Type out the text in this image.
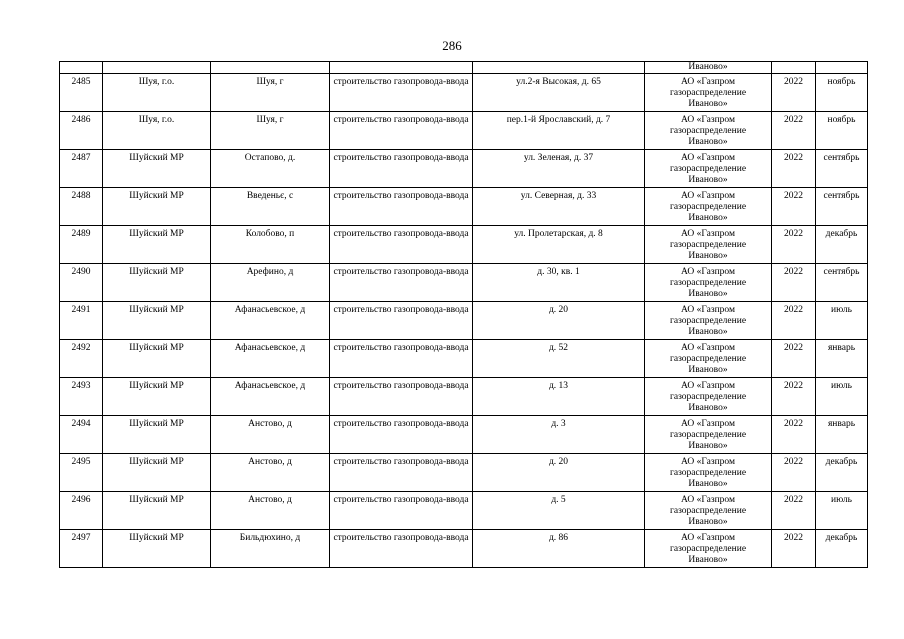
286
					Иваново»		
2485	Шуя, г.о.	Шуя, г	строительство газопровода-ввода	ул.2-я Высокая, д. 65	АО «Газпром
газораспределение
Иваново»	2022	ноябрь
2486	Шуя, г.о.	Шуя, г	строительство газопровода-ввода	пер.1-й Ярославский, д. 7	АО «Газпром
газораспределение
Иваново»	2022	ноябрь
2487	Шуйский МР	Остапово, д.	строительство газопровода-ввода	ул. Зеленая, д. 37	АО «Газпром
газораспределение
Иваново»	2022	сентябрь
2488	Шуйский МР	Введеньє, с	строительство газопровода-ввода	ул. Северная, д. 33	АО «Газпром
газораспределение
Иваново»	2022	сентябрь
2489	Шуйский МР	Колобово, п	строительство газопровода-ввода	ул. Пролетарская, д. 8	АО «Газпром
газораспределение
Иваново»	2022	декабрь
2490	Шуйский МР	Арефино, д	строительство газопровода-ввода	д. 30, кв. 1	АО «Газпром
газораспределение
Иваново»	2022	сентябрь
2491	Шуйский МР	Афанасьевское, д	строительство газопровода-ввода	д. 20	АО «Газпром
газораспределение
Иваново»	2022	июль
2492	Шуйский МР	Афанасьевское, д	строительство газопровода-ввода	д. 52	АО «Газпром
газораспределение
Иваново»	2022	январь
2493	Шуйский МР	Афанасьевское, д	строительство газопровода-ввода	д. 13	АО «Газпром
газораспределение
Иваново»	2022	июль
2494	Шуйский МР	Анстово, д	строительство газопровода-ввода	д. 3	АО «Газпром
газораспределение
Иваново»	2022	январь
2495	Шуйский МР	Анстово, д	строительство газопровода-ввода	д. 20	АО «Газпром
газораспределение
Иваново»	2022	декабрь
2496	Шуйский МР	Анстово, д	строительство газопровода-ввода	д. 5	АО «Газпром
газораспределение
Иваново»	2022	июль
2497	Шуйский МР	Бильдюхино, д	строительство газопровода-ввода	д. 86	АО «Газпром
газораспределение
Иваново»	2022	декабрь
